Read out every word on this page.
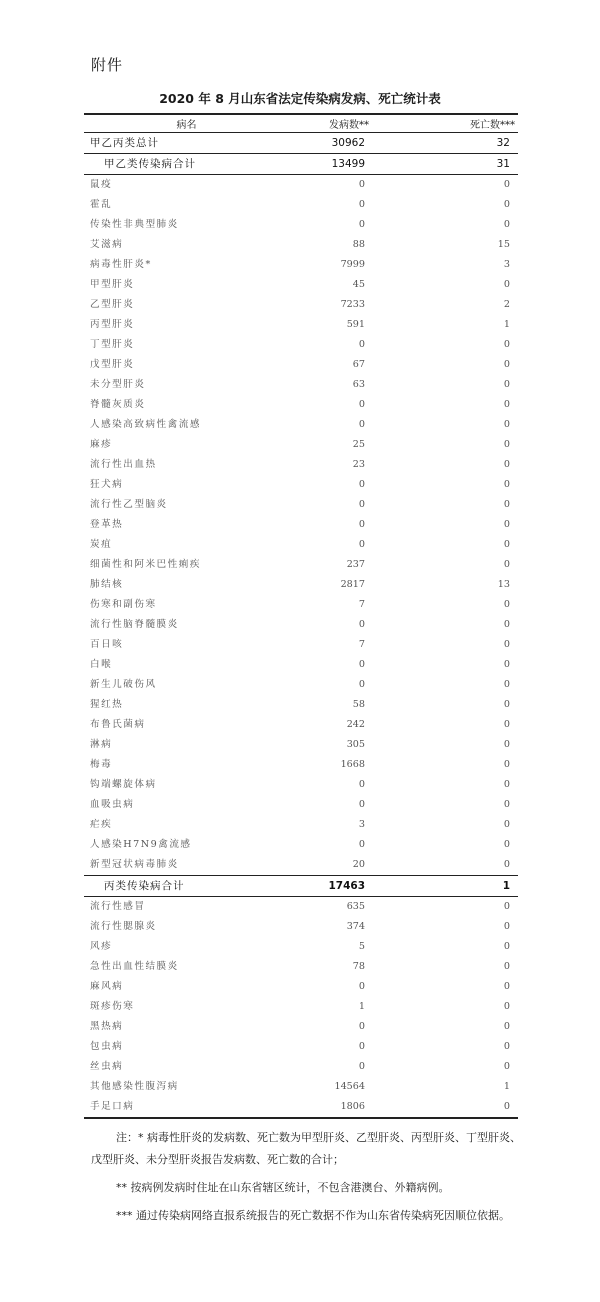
附件
2020 年 8 月山东省法定传染病发病、死亡统计表
病名	发病数**	死亡数***
甲乙丙类总计	30962	32
甲乙类传染病合计	13499	31
鼠疫	0	0
霍乱	0	0
传染性非典型肺炎	0	0
艾滋病	88	15
病毒性肝炎*	7999	3
甲型肝炎	45	0
乙型肝炎	7233	2
丙型肝炎	591	1
丁型肝炎	0	0
戊型肝炎	67	0
未分型肝炎	63	0
脊髓灰质炎	0	0
人感染高致病性禽流感	0	0
麻疹	25	0
流行性出血热	23	0
狂犬病	0	0
流行性乙型脑炎	0	0
登革热	0	0
炭疽	0	0
细菌性和阿米巴性痢疾	237	0
肺结核	2817	13
伤寒和副伤寒	7	0
流行性脑脊髓膜炎	0	0
百日咳	7	0
白喉	0	0
新生儿破伤风	0	0
猩红热	58	0
布鲁氏菌病	242	0
淋病	305	0
梅毒	1668	0
钩端螺旋体病	0	0
血吸虫病	0	0
疟疾	3	0
人感染H7N9禽流感	0	0
新型冠状病毒肺炎	20	0
丙类传染病合计	17463	1
流行性感冒	635	0
流行性腮腺炎	374	0
风疹	5	0
急性出血性结膜炎	78	0
麻风病	0	0
斑疹伤寒	1	0
黑热病	0	0
包虫病	0	0
丝虫病	0	0
其他感染性腹泻病	14564	1
手足口病	1806	0

注：* 病毒性肝炎的发病数、死亡数为甲型肝炎、乙型肝炎、丙型肝炎、丁型肝炎、戊型肝炎、未分型肝炎报告发病数、死亡数的合计；

** 按病例发病时住址在山东省辖区统计，不包含港澳台、外籍病例。

*** 通过传染病网络直报系统报告的死亡数据不作为山东省传染病死因顺位依据。
